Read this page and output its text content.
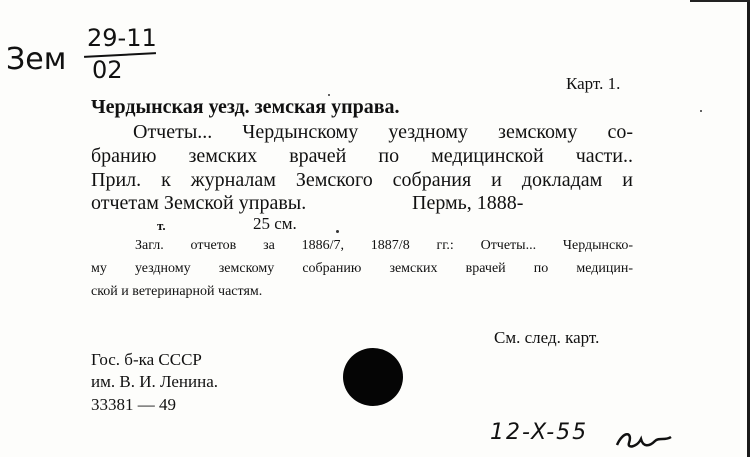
Зем
29-11
02	Карт. 1.
Чердынская уезд. земская управа.
Отчеты... Чердынскому уездному земскому со-
бранию земских врачей по медицинской части..
Прил. к журналам Земского собрания и докладам и
отчетам Земской управы.	Пермь, 1888-
т.	25 см.
Загл. отчетов за 1886/7, 1887/8 гг.: Отчеты... Чердынско-
му уездному земскому собранию земских врачей по медицин-
ской и ветеринарной частям.
См. след. карт.
Гос. б-ка СССР
им. В. И. Ленина.
33381 — 49
12-X-55
